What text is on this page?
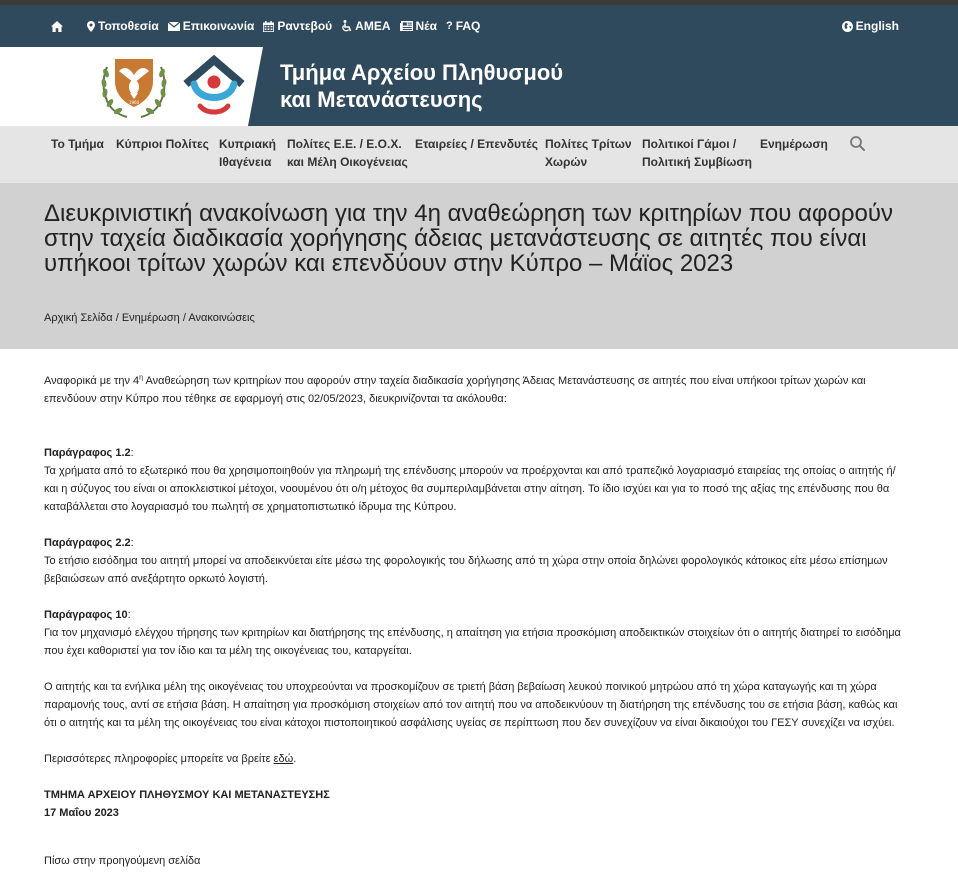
Τοποθεσία Επικοινωνία Ραντεβού ΑΜΕΑ Νέα ? FAQ	English
1960
Τμήμα Αρχείου Πληθυσμού
και Μετανάστευσης
Το Τμήμα Κύπριοι Πολίτες Κυπριακή
Ιθαγένεια
Πολίτες Ε.Ε. / Ε.Ο.Χ.
και Μέλη Οικογένειας
Εταιρείες / Επενδυτές Πολίτες Τρίτων
Χωρών
Πολιτικοί Γάμοι /
Πολιτική Συμβίωση
Ενημέρωση
Διευκρινιστική ανακοίνωση για την 4η αναθεώρηση των κριτηρίων που αφορούν στην ταχεία διαδικασία χορήγησης άδειας μετανάστευσης σε αιτητές που είναι υπήκοοι τρίτων χωρών και επενδύουν στην Κύπρο – Μάϊος 2023
Αρχική Σελίδα / Ενημέρωση / Ανακοινώσεις

Αναφορικά με την $4^\eta$ Αναθεώρηση των κριτηρίων που αφορούν στην ταχεία διαδικασία χορήγησης Άδειας Μετανάστευσης σε αιτητές που είναι υπήκοοι τρίτων χωρών και επενδύουν στην Κύπρο που τέθηκε σε εφαρμογή στις 02/05/2023, διευκρινίζονται τα ακόλουθα:

Παράγραφος 1.2:

Τα χρήματα από το εξωτερικό που θα χρησιμοποιηθούν για πληρωμή της επένδυσης μπορούν να προέρχονται και από τραπεζικό λογαριασμό εταιρείας της οποίας ο αιτητής ή/και η σύζυγος του είναι οι αποκλειστικοί μέτοχοι, νοουμένου ότι ο/η μέτοχος θα συμπεριλαμβάνεται στην αίτηση. Το ίδιο ισχύει και για το ποσό της αξίας της επένδυσης που θα καταβάλλεται στο λογαριασμό του πωλητή σε χρηματοπιστωτικό ίδρυμα της Κύπρου.

Παράγραφος 2.2:

Το ετήσιο εισόδημα του αιτητή μπορεί να αποδεικνύεται είτε μέσω της φορολογικής του δήλωσης από τη χώρα στην οποία δηλώνει φορολογικός κάτοικος είτε μέσω επίσημων βεβαιώσεων από ανεξάρτητο ορκωτό λογιστή.

Παράγραφος 10:

Για τον μηχανισμό ελέγχου τήρησης των κριτηρίων και διατήρησης της επένδυσης, η απαίτηση για ετήσια προσκόμιση αποδεικτικών στοιχείων ότι ο αιτητής διατηρεί το εισόδημα που έχει καθοριστεί για τον ίδιο και τα μέλη της οικογένειας του, καταργείται.

Ο αιτητής και τα ενήλικα μέλη της οικογένειας του υποχρεούνται να προσκομίζουν σε τριετή βάση βεβαίωση λευκού ποινικού μητρώου από τη χώρα καταγωγής και τη χώρα παραμονής τους, αντί σε ετήσια βάση. Η απαίτηση για προσκόμιση στοιχείων από τον αιτητή που να αποδεικνύουν τη διατήρηση της επένδυσης του σε ετήσια βάση, καθώς και ότι ο αιτητής και τα μέλη της οικογένειας του είναι κάτοχοι πιστοποιητικού ασφάλισης υγείας σε περίπτωση που δεν συνεχίζουν να είναι δικαιούχοι του ΓΕΣΥ συνεχίζει να ισχύει.

Περισσότερες πληροφορίες μπορείτε να βρείτε εδώ.

ΤΜΗΜΑ ΑΡΧΕΙΟΥ ΠΛΗΘΥΣΜΟΥ ΚΑΙ ΜΕΤΑΝΑΣΤΕΥΣΗΣ

17 Μαΐου 2023

Πίσω στην προηγούμενη σελίδα
